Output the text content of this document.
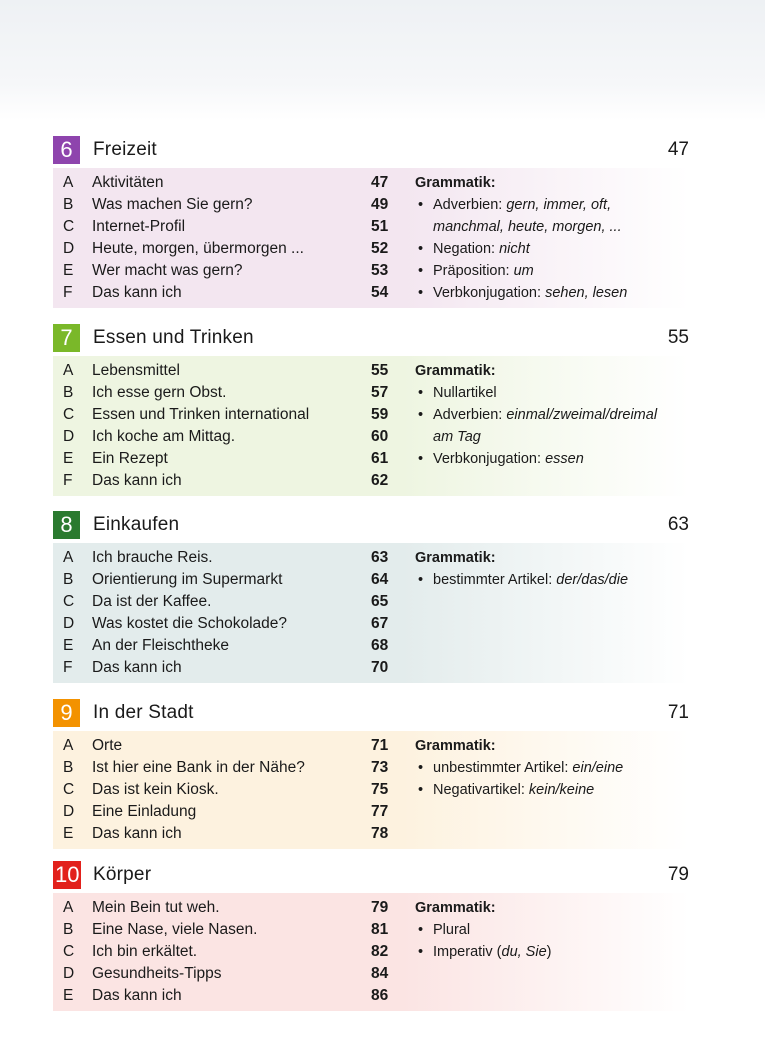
6	Freizeit	47
A	Aktivitäten	47
B	Was machen Sie gern?	49
C	Internet-Profil	51
D	Heute, morgen, übermorgen ...	52
E	Wer macht was gern?	53
F	Das kann ich	54
Grammatik:
• Adverbien: gern, immer, oft,
manchmal, heute, morgen, ...
• Negation: nicht
• Präposition: um
• Verbkonjugation: sehen, lesen
7	Essen und Trinken	55
A	Lebensmittel	55
B	Ich esse gern Obst.	57
C	Essen und Trinken international	59
D	Ich koche am Mittag.	60
E	Ein Rezept	61
F	Das kann ich	62
Grammatik:
• Nullartikel
• Adverbien: einmal/zweimal/dreimal
am Tag
• Verbkonjugation: essen
8	Einkaufen	63
A	Ich brauche Reis.	63
B	Orientierung im Supermarkt	64
C	Da ist der Kaffee.	65
D	Was kostet die Schokolade?	67
E	An der Fleischtheke	68
F	Das kann ich	70
Grammatik:
• bestimmter Artikel: der/das/die
9	In der Stadt	71
A	Orte	71
B	Ist hier eine Bank in der Nähe?	73
C	Das ist kein Kiosk.	75
D	Eine Einladung	77
E	Das kann ich	78
Grammatik:
• unbestimmter Artikel: ein/eine
• Negativartikel: kein/keine
10 Körper	79
A	Mein Bein tut weh.	79
B	Eine Nase, viele Nasen.	81
C	Ich bin erkältet.	82
D	Gesundheits-Tipps	84
E	Das kann ich	86
Grammatik:
• Plural
• Imperativ (du, Sie)
